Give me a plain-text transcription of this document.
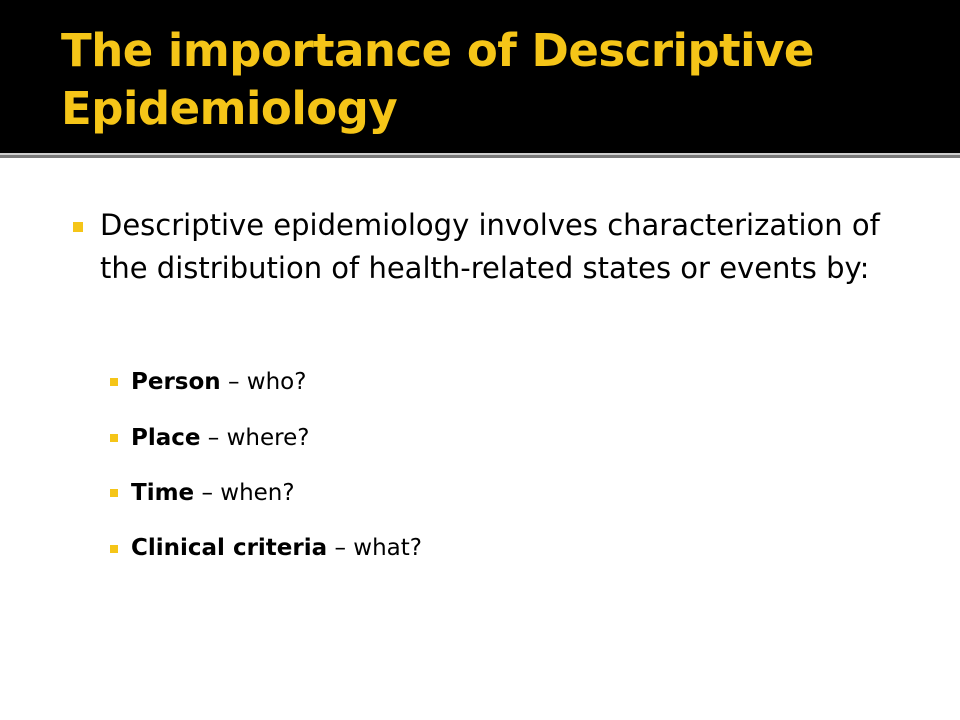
The importance of Descriptive Epidemiology
Descriptive epidemiology involves characterization of the distribution of health-related states or events by:
Person – who?
Place – where?
Time – when?
Clinical criteria – what?
